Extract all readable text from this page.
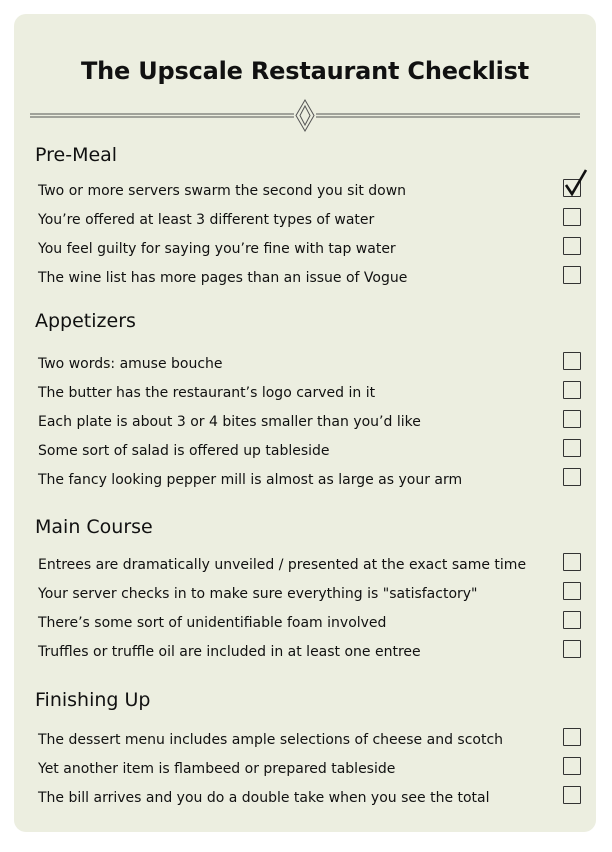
The Upscale Restaurant Checklist
Pre-Meal
Two or more servers swarm the second you sit down
You’re offered at least 3 different types of water
You feel guilty for saying you’re fine with tap water
The wine list has more pages than an issue of Vogue
Appetizers
Two words: amuse bouche
The butter has the restaurant’s logo carved in it
Each plate is about 3 or 4 bites smaller than you’d like
Some sort of salad is offered up tableside
The fancy looking pepper mill is almost as large as your arm
Main Course
Entrees are dramatically unveiled / presented at the exact same time
Your server checks in to make sure everything is "satisfactory"
There’s some sort of unidentifiable foam involved
Truffles or truffle oil are included in at least one entree
Finishing Up
The dessert menu includes ample selections of cheese and scotch
Yet another item is flambeed or prepared tableside
The bill arrives and you do a double take when you see the total
